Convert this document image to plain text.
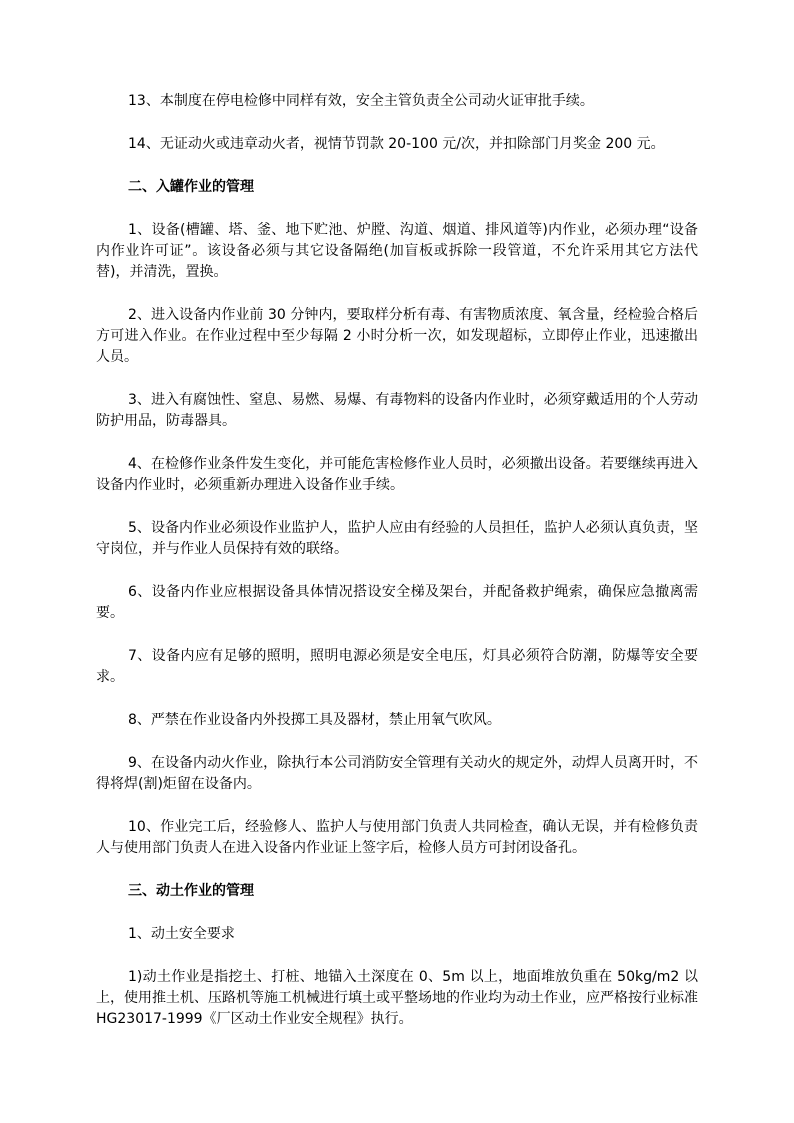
13、本制度在停电检修中同样有效，安全主管负责全公司动火证审批手续。

14、无证动火或违章动火者，视情节罚款 20-100 元/次，并扣除部门月奖金 200 元。

二、入罐作业的管理

1、设备(槽罐、塔、釜、地下贮池、炉膛、沟道、烟道、排风道等)内作业，必须办理“设备内作业许可证”。该设备必须与其它设备隔绝(加盲板或拆除一段管道，不允许采用其它方法代替)，并清洗，置换。

2、进入设备内作业前 30 分钟内，要取样分析有毒、有害物质浓度、氧含量，经检验合格后方可进入作业。在作业过程中至少每隔 2 小时分析一次，如发现超标，立即停止作业，迅速撤出人员。

3、进入有腐蚀性、窒息、易燃、易爆、有毒物料的设备内作业时，必须穿戴适用的个人劳动防护用品，防毒器具。

4、在检修作业条件发生变化，并可能危害检修作业人员时，必须撤出设备。若要继续再进入设备内作业时，必须重新办理进入设备作业手续。

5、设备内作业必须设作业监护人，监护人应由有经验的人员担任，监护人必须认真负责，坚守岗位，并与作业人员保持有效的联络。

6、设备内作业应根据设备具体情况搭设安全梯及架台，并配备救护绳索，确保应急撤离需要。

7、设备内应有足够的照明，照明电源必须是安全电压，灯具必须符合防潮，防爆等安全要求。

8、严禁在作业设备内外投掷工具及器材，禁止用氧气吹风。

9、在设备内动火作业，除执行本公司消防安全管理有关动火的规定外，动焊人员离开时，不得将焊(割)炬留在设备内。

10、作业完工后，经验修人、监护人与使用部门负责人共同检查，确认无误，并有检修负责人与使用部门负责人在进入设备内作业证上签字后，检修人员方可封闭设备孔。

三、动土作业的管理

1、动土安全要求

1)动土作业是指挖土、打桩、地锚入土深度在 0、5m 以上，地面堆放负重在 50kg/m2 以上，使用推土机、压路机等施工机械进行填土或平整场地的作业均为动土作业，应严格按行业标准 HG23017-1999《厂区动土作业安全规程》执行。
